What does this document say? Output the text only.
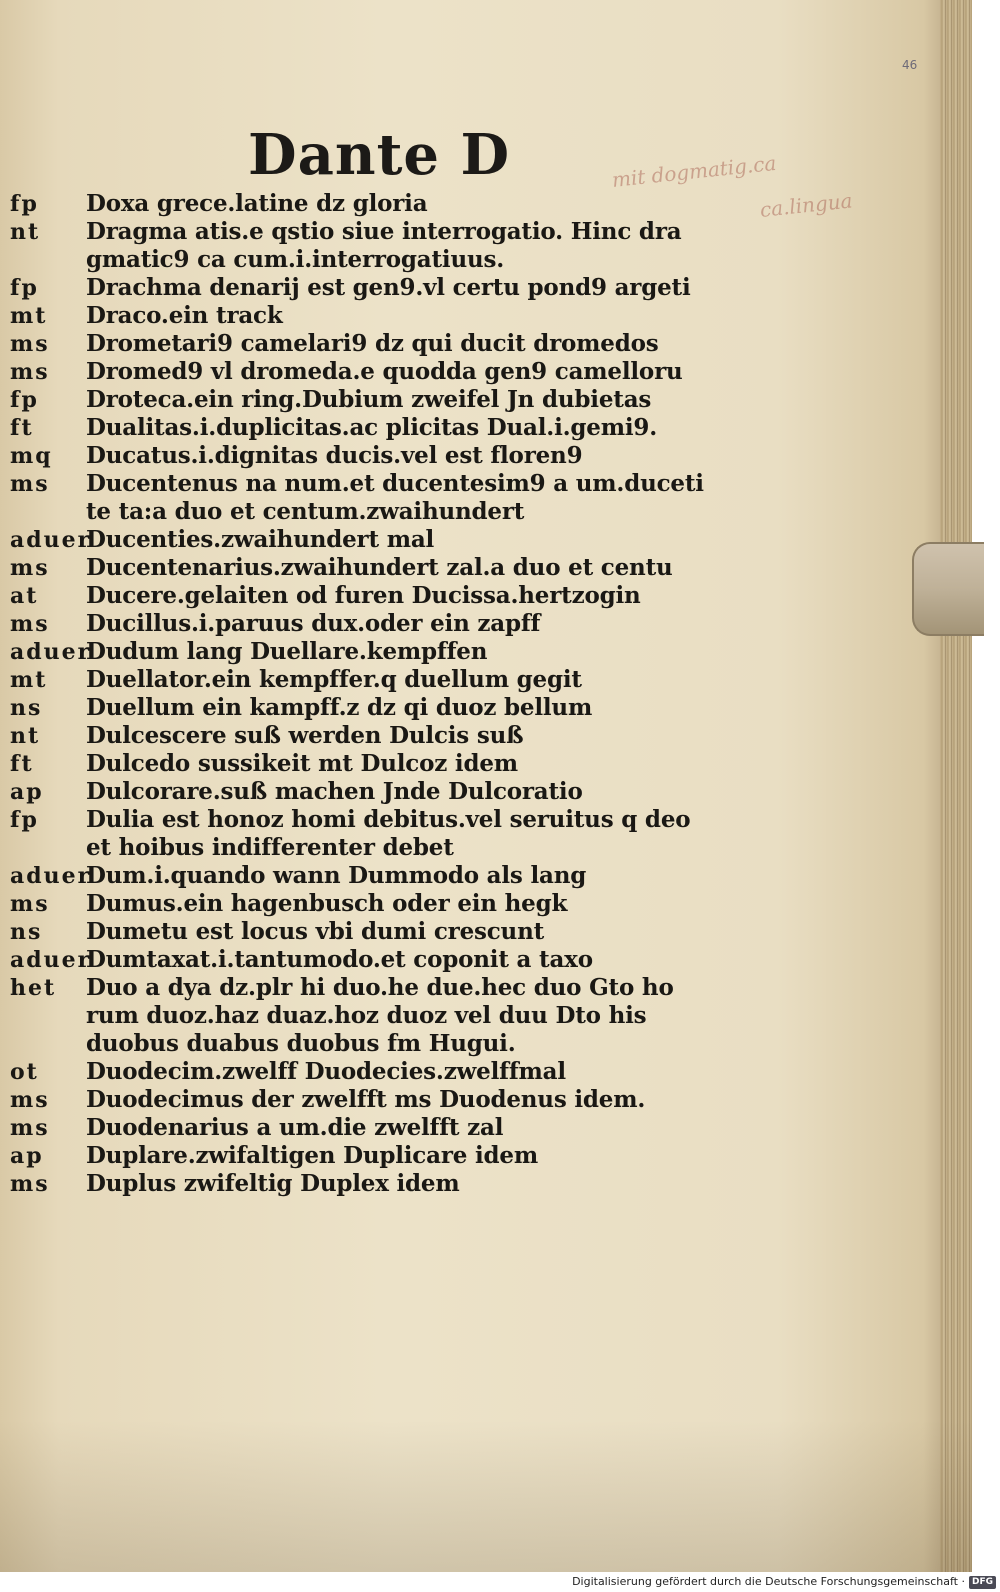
46
Dante D	mit dogmatig.ca
ca.lingua
fp Doxa grece.latine dz gloria
nt Dragma atis.e qstio siue interrogatio. Hinc dra
gmatic9 ca cum.i.interrogatiuus.
fp Drachma denarij est gen9.vl certu pond9 argeti
mt Draco.ein track
ms Drometari9 camelari9 dz qui ducit dromedos
ms Dromed9 vl dromeda.e quodda gen9 camelloru
fp Droteca.ein ring.Dubium zweifel Jn dubietas
ft Dualitas.i.duplicitas.ac plicitas Dual.i.gemi9.
mq Ducatus.i.dignitas ducis.vel est floren9
ms Ducentenus na num.et ducentesim9 a um.duceti
te ta:a duo et centum.zwaihundert
aduer
Ducenties.zwaihundert mal
ms Ducentenarius.zwaihundert zal.a duo et centu
at Ducere.gelaiten od furen Ducissa.hertzogin
ms Ducillus.i.paruus dux.oder ein zapff
aduer
Dudum lang Duellare.kempffen
mt Duellator.ein kempffer.q duellum gegit
ns Duellum ein kampff.z dz qi duoz bellum
nt Dulcescere suß werden Dulcis suß
ft Dulcedo sussikeit mt Dulcoz idem
ap Dulcorare.suß machen Jnde Dulcoratio
fp Dulia est honoz homi debitus.vel seruitus q deo
et hoibus indifferenter debet
aduer
Dum.i.quando wann Dummodo als lang
ms Dumus.ein hagenbusch oder ein hegk
ns Dumetu est locus vbi dumi crescunt
aduer
Dumtaxat.i.tantumodo.et coponit a taxo
het Duo a dya dz.plr hi duo.he due.hec duo Gto ho
rum duoz.haz duaz.hoz duoz vel duu Dto his
duobus duabus duobus fm Hugui.
ot Duodecim.zwelff Duodecies.zwelffmal
ms Duodecimus der zwelfft ms Duodenus idem.
ms Duodenarius a um.die zwelfft zal
ap Duplare.zwifaltigen Duplicare idem
ms Duplus zwifeltig Duplex idem
Digitalisierung gefördert durch die Deutsche Forschungsgemeinschaft · DFG
